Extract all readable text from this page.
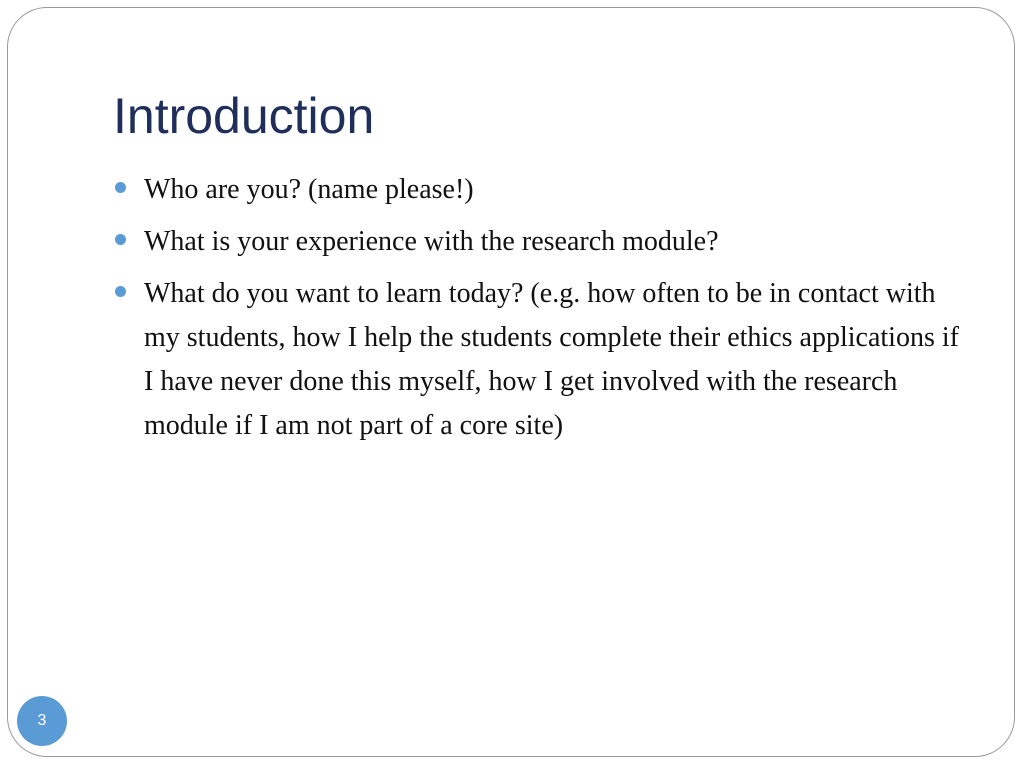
Introduction
Who are you? (name please!)
What is your experience with the research module?
What do you want to learn today? (e.g. how often to be in contact with my students, how I help the students complete their ethics applications if I have never done this myself, how I get involved with the research module if I am not part of a core site)
3
